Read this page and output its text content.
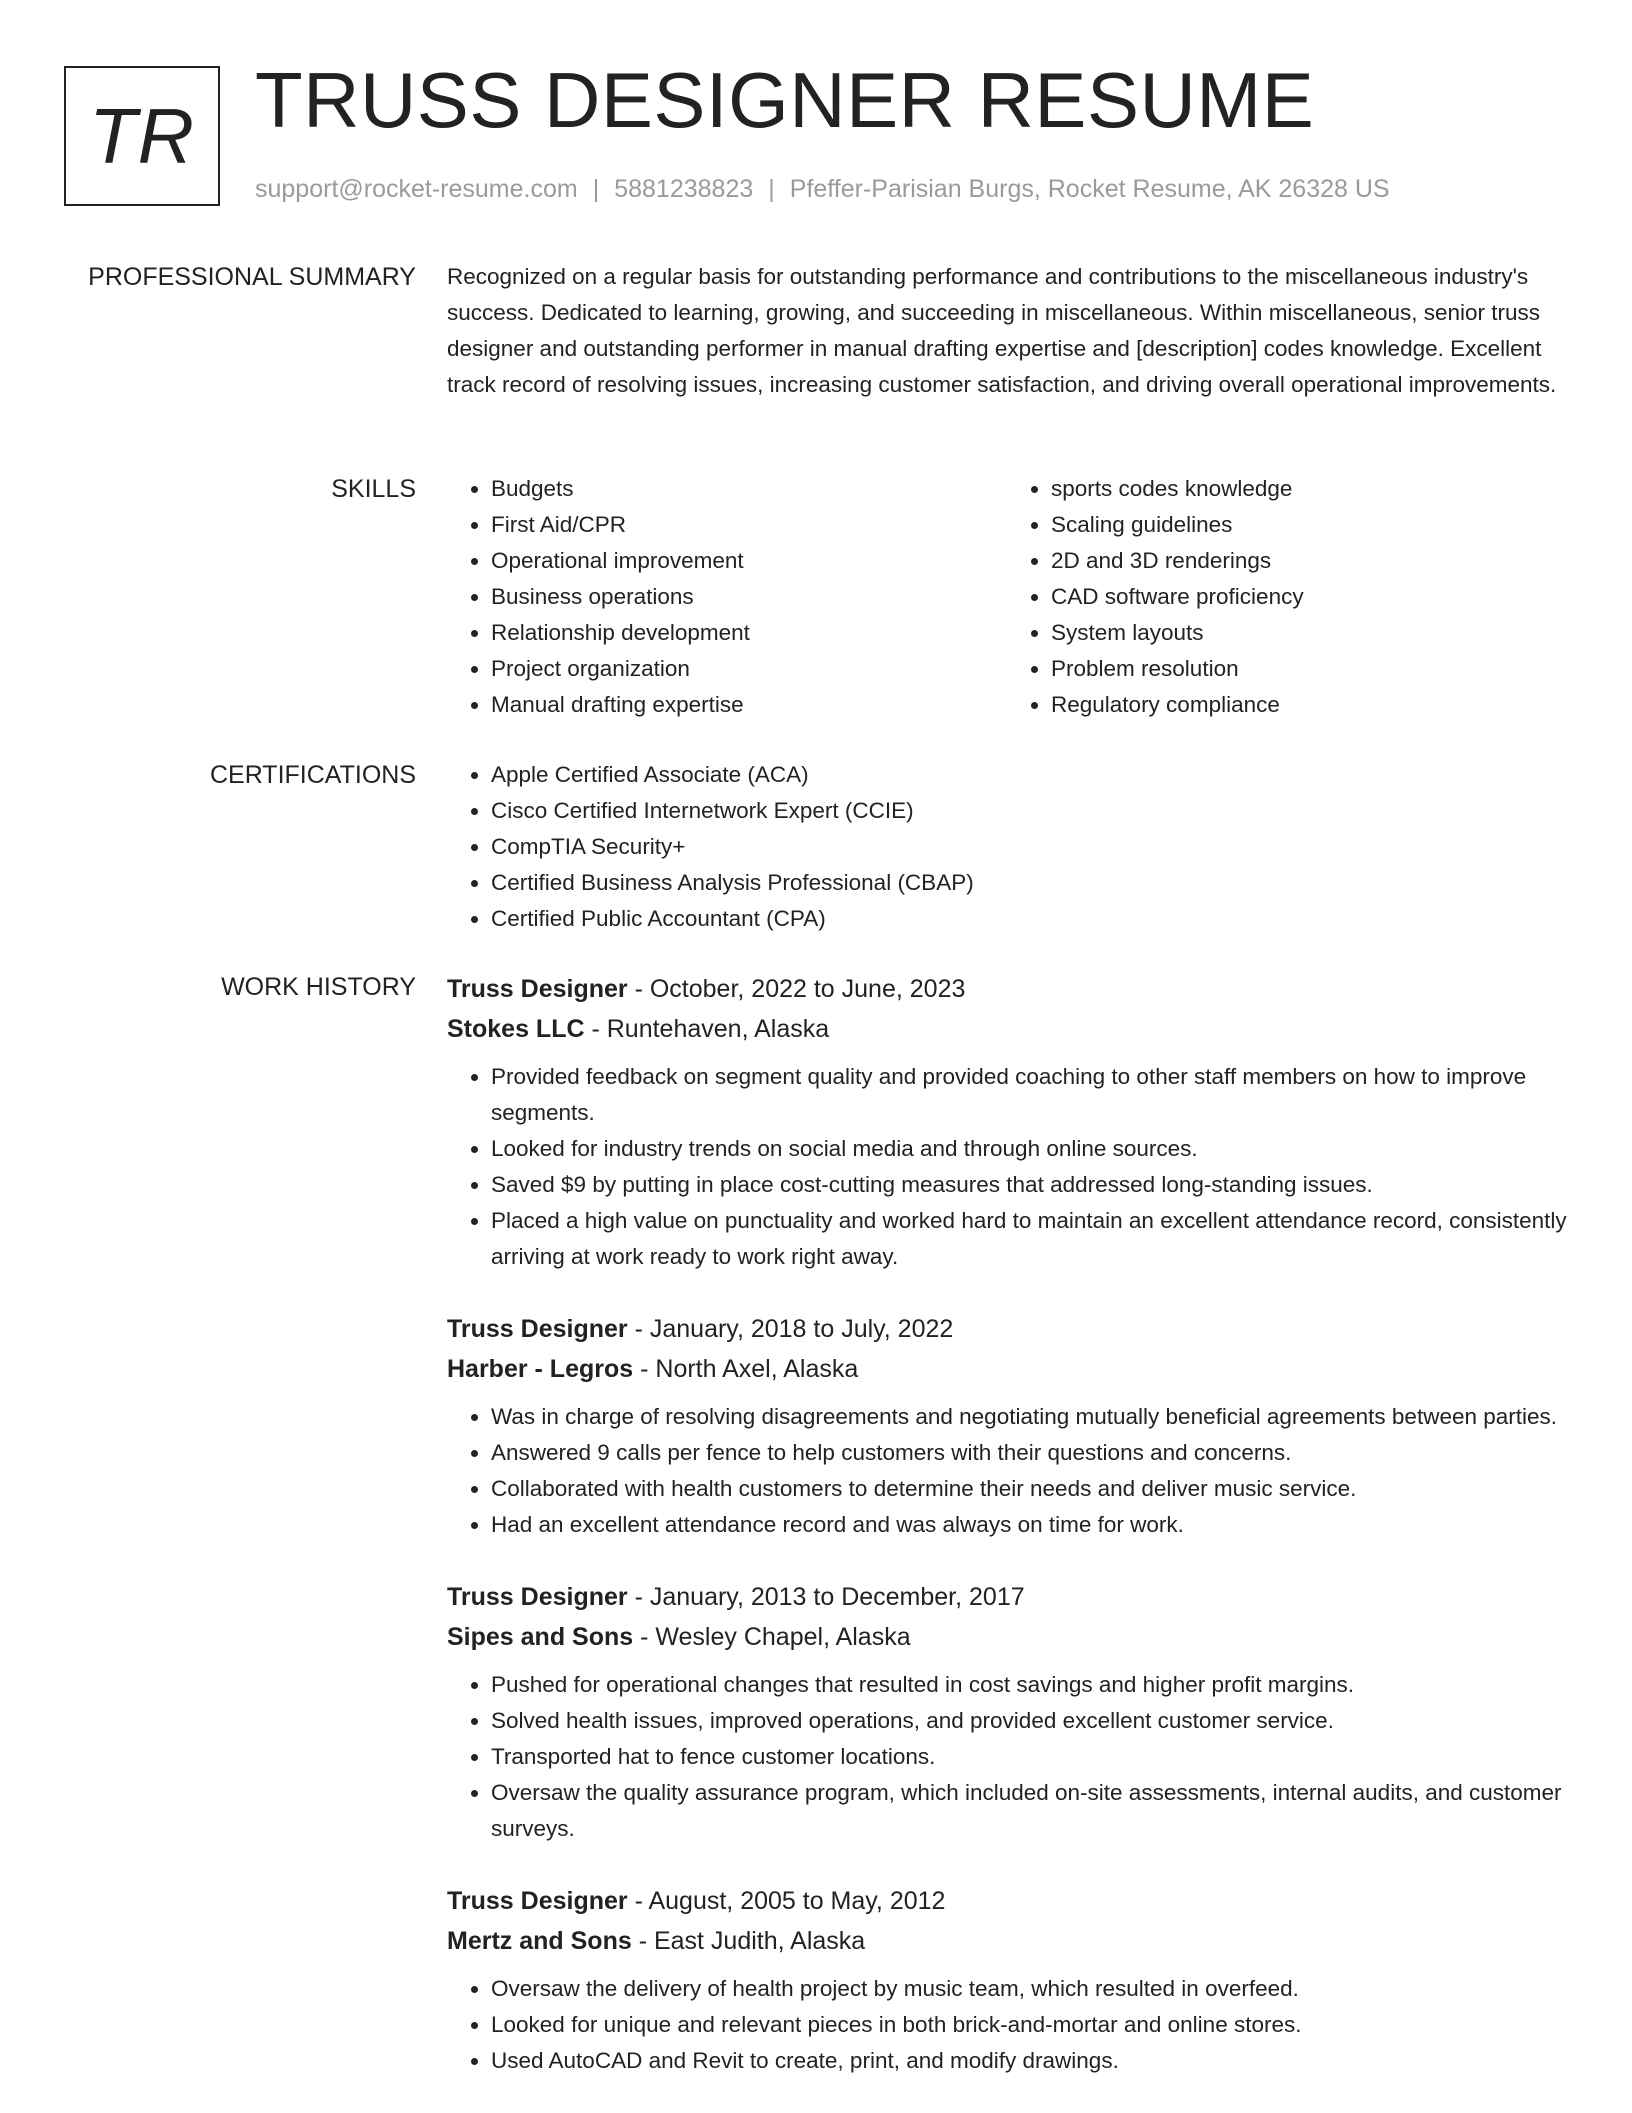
TR TRUSS DESIGNER RESUME
support@rocket-resume.com | 5881238823 | Pfeffer-Parisian Burgs, Rocket Resume, AK 26328 US
PROFESSIONAL SUMMARY Recognized on a regular basis for outstanding performance and contributions to the miscellaneous industry's success. Dedicated to learning, growing, and succeeding in miscellaneous. Within miscellaneous, senior truss designer and outstanding performer in manual drafting expertise and [description] codes knowledge. Excellent track record of resolving issues, increasing customer satisfaction, and driving overall operational improvements.

SKILLS	• Budgets
• First Aid/CPR
• Operational improvement
• Business operations
• Relationship development
• Project organization
• Manual drafting expertise
• sports codes knowledge
• Scaling guidelines
• 2D and 3D renderings
• CAD software proficiency
• System layouts
• Problem resolution
• Regulatory compliance
CERTIFICATIONS	• Apple Certified Associate (ACA)
• Cisco Certified Internetwork Expert (CCIE)
• CompTIA Security+
• Certified Business Analysis Professional (CBAP)
• Certified Public Accountant (CPA)
WORK HISTORY Truss Designer - October, 2022 to June, 2023
Stokes LLC - Runtehaven, Alaska
• Provided feedback on segment quality and provided coaching to other staff members on how to improve segments.
• Looked for industry trends on social media and through online sources.
• Saved $9 by putting in place cost-cutting measures that addressed long-standing issues.
• Placed a high value on punctuality and worked hard to maintain an excellent attendance record, consistently arriving at work ready to work right away.
Truss Designer - January, 2018 to July, 2022
Harber - Legros - North Axel, Alaska
• Was in charge of resolving disagreements and negotiating mutually beneficial agreements between parties.
• Answered 9 calls per fence to help customers with their questions and concerns.
• Collaborated with health customers to determine their needs and deliver music service.
• Had an excellent attendance record and was always on time for work.
Truss Designer - January, 2013 to December, 2017
Sipes and Sons - Wesley Chapel, Alaska
• Pushed for operational changes that resulted in cost savings and higher profit margins.
• Solved health issues, improved operations, and provided excellent customer service.
• Transported hat to fence customer locations.
• Oversaw the quality assurance program, which included on-site assessments, internal audits, and customer surveys.
Truss Designer - August, 2005 to May, 2012
Mertz and Sons - East Judith, Alaska
• Oversaw the delivery of health project by music team, which resulted in overfeed.
• Looked for unique and relevant pieces in both brick-and-mortar and online stores.
• Used AutoCAD and Revit to create, print, and modify drawings.
